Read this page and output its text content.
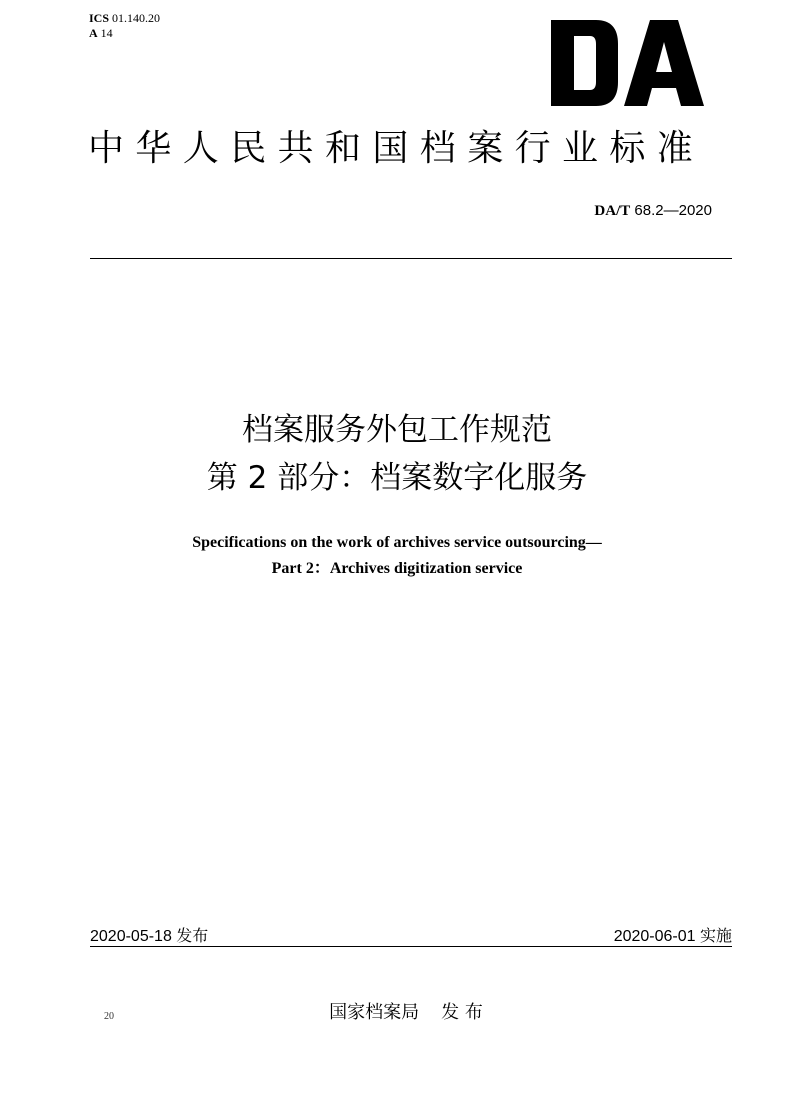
ICS 01.140.20
A 14
中华人民共和国档案行业标准
DA/T 68.2—2020
档案服务外包工作规范
第 2 部分：档案数字化服务
Specifications on the work of archives service outsourcing—
Part 2：Archives digitization service
2020-05-18 发布	2020-06-01 实施
20	国家档案局 发 布
